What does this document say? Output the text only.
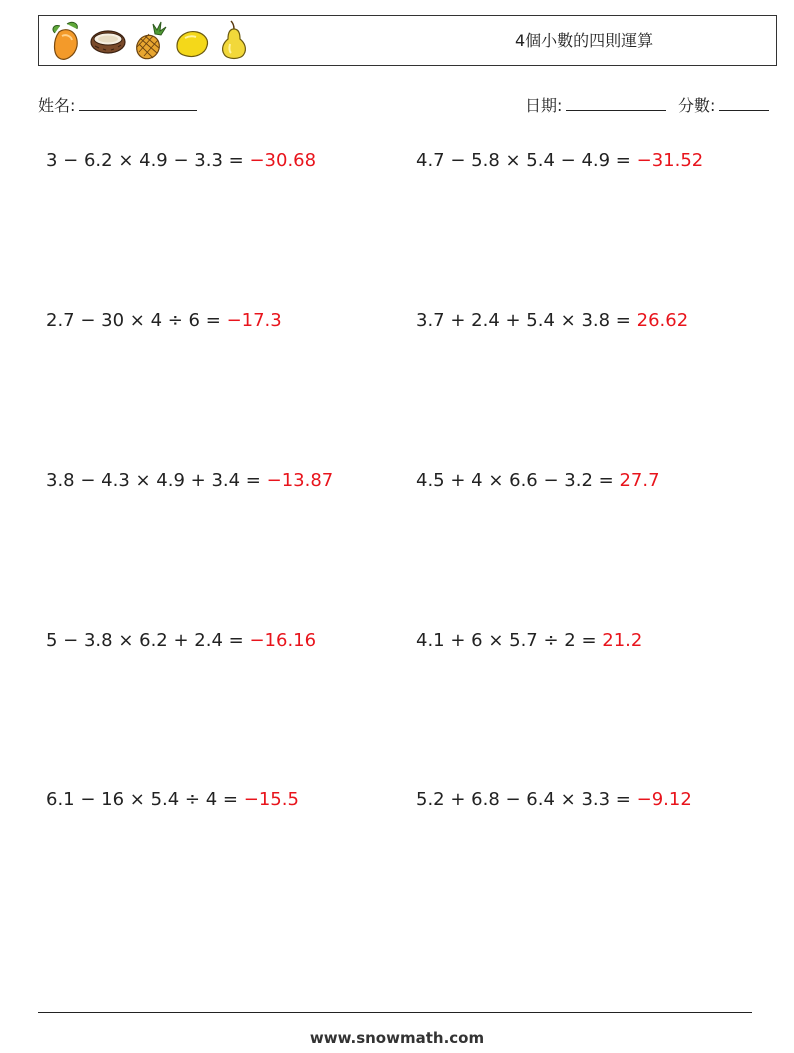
4個小數的四則運算
姓名:	日期:	分數:
3 − 6.2 × 4.9 − 3.3 = −30.68	4.7 − 5.8 × 5.4 − 4.9 = −31.52
2.7 − 30 × 4 ÷ 6 = −17.3	3.7 + 2.4 + 5.4 × 3.8 = 26.62
3.8 − 4.3 × 4.9 + 3.4 = −13.87	4.5 + 4 × 6.6 − 3.2 = 27.7
5 − 3.8 × 6.2 + 2.4 = −16.16	4.1 + 6 × 5.7 ÷ 2 = 21.2
6.1 − 16 × 5.4 ÷ 4 = −15.5	5.2 + 6.8 − 6.4 × 3.3 = −9.12
www.snowmath.com
